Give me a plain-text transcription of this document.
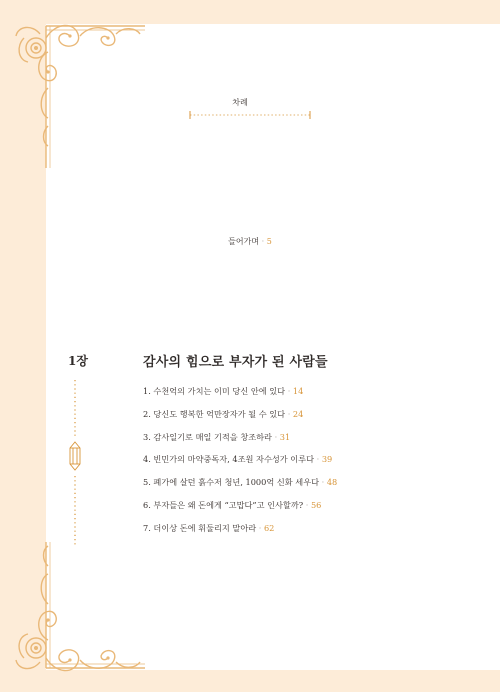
차례
들어가며 · 5
1장	감사의 힘으로 부자가 된 사람들
1. 수천억의 가치는 이미 당신 안에 있다 · 14
2. 당신도 행복한 억만장자가 될 수 있다 · 24
3. 감사일기로 매일 기적을 창조하라 · 31
4. 빈민가의 마약중독자, 4조원 자수성가 이루다 · 39
5. 폐가에 살던 흙수저 청년, 1000억 신화 세우다 · 48
6. 부자들은 왜 돈에게 “고맙다”고 인사할까? · 56
7. 더이상 돈에 휘둘리지 말아라 · 62
